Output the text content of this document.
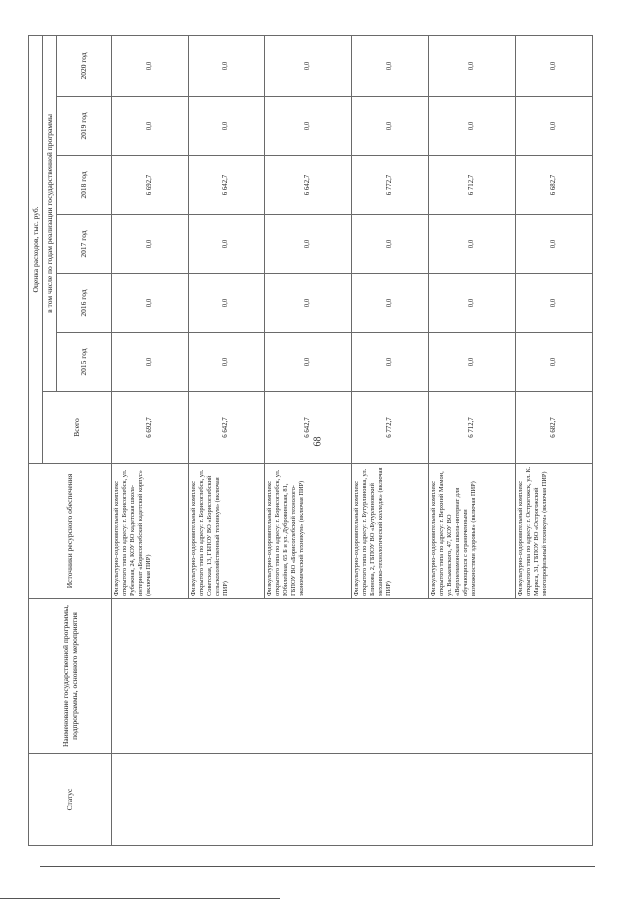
68
Статус	Наименование государственной программы, подпрограммы, основного мероприятия	Источники ресурсного обеспечения	Оценка расходов, тыс. руб.						
			Всего	в том числе по годам реализации государственной программы					
				2015 год	2016 год	2017 год	2018 год	2019 год	2020 год
		Физкультурно-оздоровительный комплекс открытого типа по адресу: г. Борисоглебск, ул. Рубежная, 24, КОУ ВО кадетская школа-интернат «Борисоглебский кадетский корпус» (включая ПИР)	6 692,7	0,0	0,0	0,0	6 692,7	0,0	0,0
		Физкультурно-оздоровительный комплекс открытого типа по адресу: г. Борисоглебск, ул. Советская, 13, ГБПОУ ВО «Борисоглебский сельскохозяйственный техникум» (включая ПИР)	6 642,7	0,0	0,0	0,0	6 642,7	0,0	0,0
		Физкультурно-оздоровительный комплекс открытого типа по адресу: г. Борисоглебск, ул. Юбилейная, 65 Б и ул. Дубровинская, 81, ГБПОУ ВО «Борисоглебский технолого-экономический техникум» (включая ПИР)	6 642,7	0,0	0,0	0,0	6 642,7	0,0	0,0
		Физкультурно-оздоровительный комплекс открытого типа по адресу: г. Бутурлиновка, ул. Блинова, 2, ГБПОУ ВО «Бутурлиновский механико-технологический колледж» (включая ПИР)	6 772,7	0,0	0,0	0,0	6 772,7	0,0	0,0
		Физкультурно-оздоровительный комплекс открытого типа по адресу: г. Верхний Мамон, ул. Васькевского, 47, КОУ ВО «Верхнемамонская школа-интернат для обучающихся с ограниченными возможностями здоровья» (включая ПИР)	6 712,7	0,0	0,0	0,0	6 712,7	0,0	0,0
		Физкультурно-оздоровительный комплекс открытого типа по адресу: г. Острогожск, ул. К. Маркса, 31, ГБПОУ ВО «Острогожский многопрофильный техникум» (включая ПИР)	6 682,7	0,0	0,0	0,0	6 682,7	0,0	0,0
